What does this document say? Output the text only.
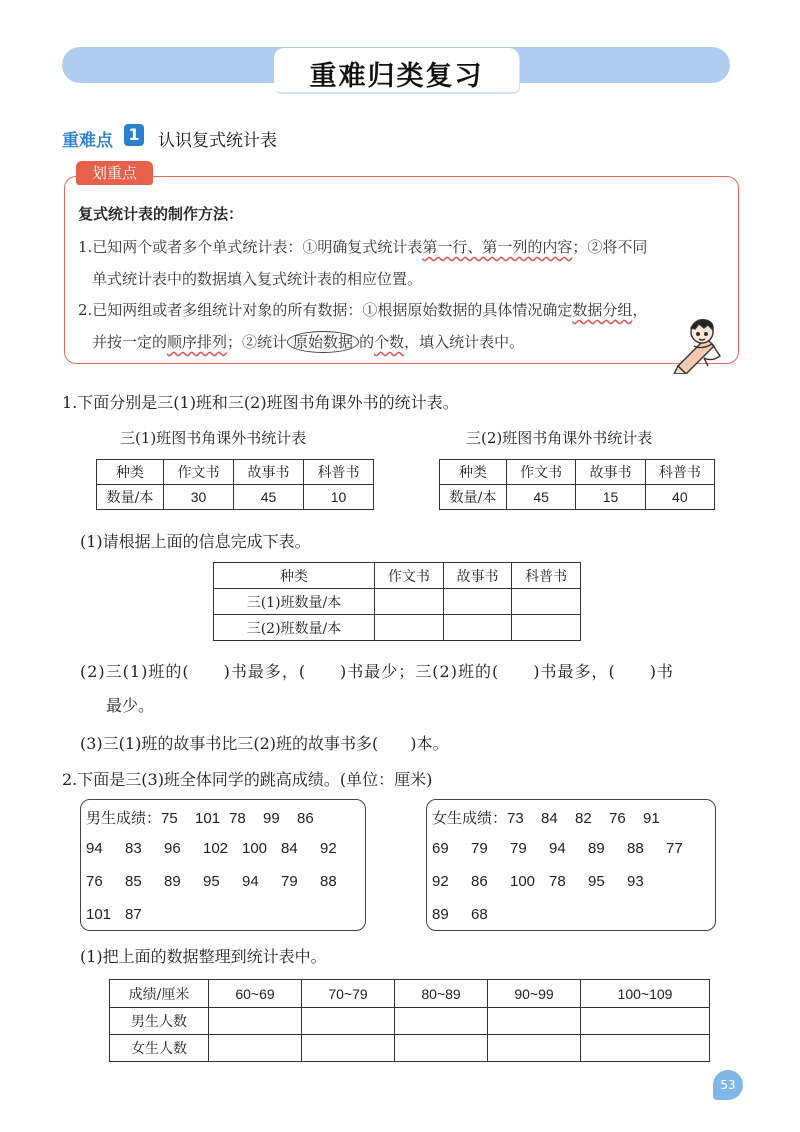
重难归类复习
重难点 1 认识复式统计表
划重点
复式统计表的制作方法：
1.已知两个或者多个单式统计表：①明确复式统计表第一行、第一列的内容；②将不同
单式统计表中的数据填入复式统计表的相应位置。
2.已知两组或者多组统计对象的所有数据：①根据原始数据的具体情况确定数据分组，
并按一定的顺序排列；②统计 原始数据 的个数，填入统计表中。
1.下面分别是三(1)班和三(2)班图书角课外书的统计表。
三(1)班图书角课外书统计表
种类	作文书	故事书	科普书
数量/本	30	45	10
三(2)班图书角课外书统计表
种类	作文书	故事书	科普书
数量/本	45	15	40
(1)请根据上面的信息完成下表。
种类	作文书	故事书	科普书
三(1)班数量/本			
三(2)班数量/本			
(2)三(1)班的(　　)书最多，(　　)书最少；三(2)班的(　　)书最多，(　　)书
最少。
(3)三(1)班的故事书比三(2)班的故事书多(　　)本。
2.下面是三(3)班全体同学的跳高成绩。(单位：厘米)
男生成绩：75 101 78 99 86
94 83 96 102 100 84 92
76 85 89 95 94 79 88
101 87
女生成绩：73 84 82 76 91
69 79 79 94 89 88 77
92 86 100 78 95 93
89 68
(1)把上面的数据整理到统计表中。
成绩/厘米	60~69	70~79	80~89	90~99	100~109
男生人数					
女生人数					
53
